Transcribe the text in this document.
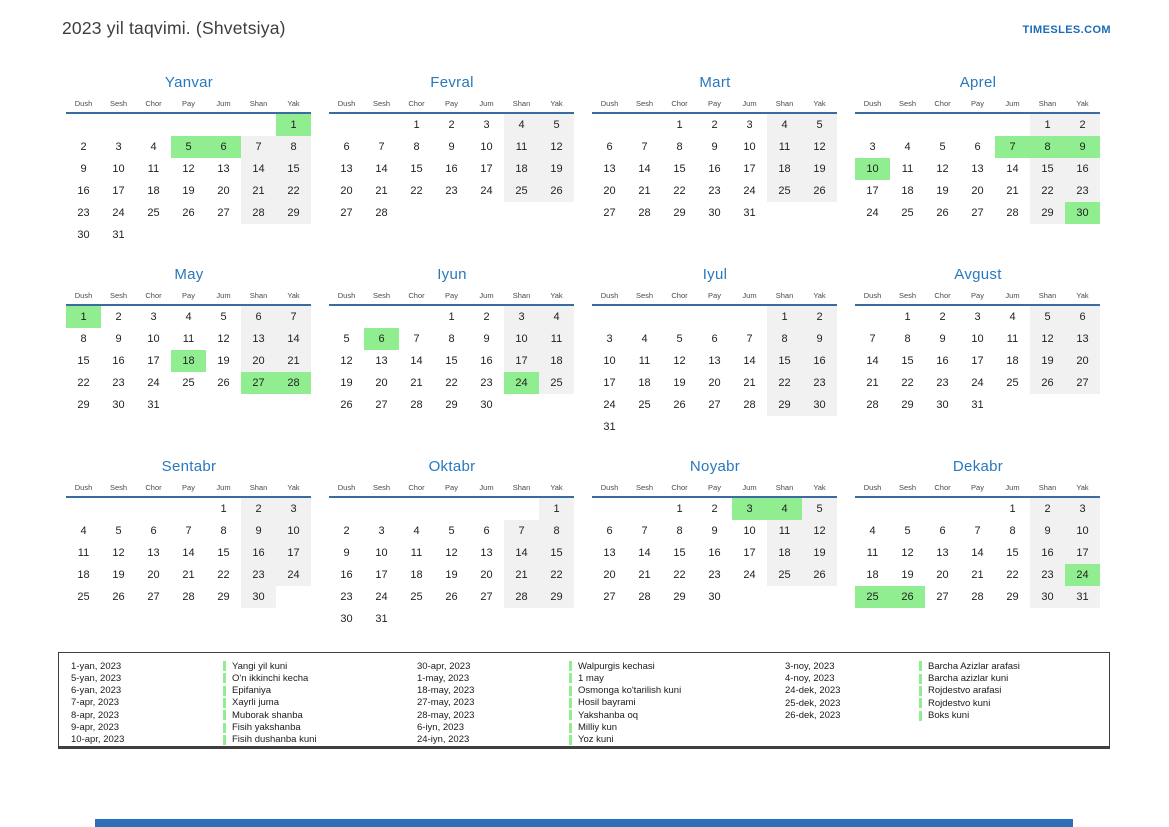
2023 yil taqvimi. (Shvetsiya)	TIMESLES.COM
Yanvar
Dush	Sesh	Chor	Pay	Jum	Shan	Yak
						1
2	3	4	5	6	7	8
9	10	11	12	13	14	15
16	17	18	19	20	21	22
23	24	25	26	27	28	29
30	31					
Fevral
Dush	Sesh	Chor	Pay	Jum	Shan	Yak
		1	2	3	4	5
6	7	8	9	10	11	12
13	14	15	16	17	18	19
20	21	22	23	24	25	26
27	28					
Mart
Dush	Sesh	Chor	Pay	Jum	Shan	Yak
		1	2	3	4	5
6	7	8	9	10	11	12
13	14	15	16	17	18	19
20	21	22	23	24	25	26
27	28	29	30	31		
Aprel
Dush	Sesh	Chor	Pay	Jum	Shan	Yak
					1	2
3	4	5	6	7	8	9
10	11	12	13	14	15	16
17	18	19	20	21	22	23
24	25	26	27	28	29	30
May
Dush	Sesh	Chor	Pay	Jum	Shan	Yak
1	2	3	4	5	6	7
8	9	10	11	12	13	14
15	16	17	18	19	20	21
22	23	24	25	26	27	28
29	30	31				
Iyun
Dush	Sesh	Chor	Pay	Jum	Shan	Yak
			1	2	3	4
5	6	7	8	9	10	11
12	13	14	15	16	17	18
19	20	21	22	23	24	25
26	27	28	29	30		
Iyul
Dush	Sesh	Chor	Pay	Jum	Shan	Yak
					1	2
3	4	5	6	7	8	9
10	11	12	13	14	15	16
17	18	19	20	21	22	23
24	25	26	27	28	29	30
31						
Avgust
Dush	Sesh	Chor	Pay	Jum	Shan	Yak
	1	2	3	4	5	6
7	8	9	10	11	12	13
14	15	16	17	18	19	20
21	22	23	24	25	26	27
28	29	30	31			
Sentabr
Dush	Sesh	Chor	Pay	Jum	Shan	Yak
				1	2	3
4	5	6	7	8	9	10
11	12	13	14	15	16	17
18	19	20	21	22	23	24
25	26	27	28	29	30	
Oktabr
Dush	Sesh	Chor	Pay	Jum	Shan	Yak
						1
2	3	4	5	6	7	8
9	10	11	12	13	14	15
16	17	18	19	20	21	22
23	24	25	26	27	28	29
30	31					
Noyabr
Dush	Sesh	Chor	Pay	Jum	Shan	Yak
		1	2	3	4	5
6	7	8	9	10	11	12
13	14	15	16	17	18	19
20	21	22	23	24	25	26
27	28	29	30			
Dekabr
Dush	Sesh	Chor	Pay	Jum	Shan	Yak
				1	2	3
4	5	6	7	8	9	10
11	12	13	14	15	16	17
18	19	20	21	22	23	24
25	26	27	28	29	30	31
1-yan, 2023	Yangi yil kuni
5-yan, 2023	O'n ikkinchi kecha
6-yan, 2023	Epifaniya
7-apr, 2023	Xayrli juma
8-apr, 2023	Muborak shanba
9-apr, 2023	Fisih yakshanba
10-apr, 2023	Fisih dushanba kuni
30-apr, 2023	Walpurgis kechasi
1-may, 2023	1 may
18-may, 2023	Osmonga ko'tarilish kuni
27-may, 2023	Hosil bayrami
28-may, 2023	Yakshanba oq
6-iyn, 2023	Milliy kun
24-iyn, 2023	Yoz kuni
3-noy, 2023	Barcha Azizlar arafasi
4-noy, 2023	Barcha azizlar kuni
24-dek, 2023	Rojdestvo arafasi
25-dek, 2023	Rojdestvo kuni
26-dek, 2023	Boks kuni
